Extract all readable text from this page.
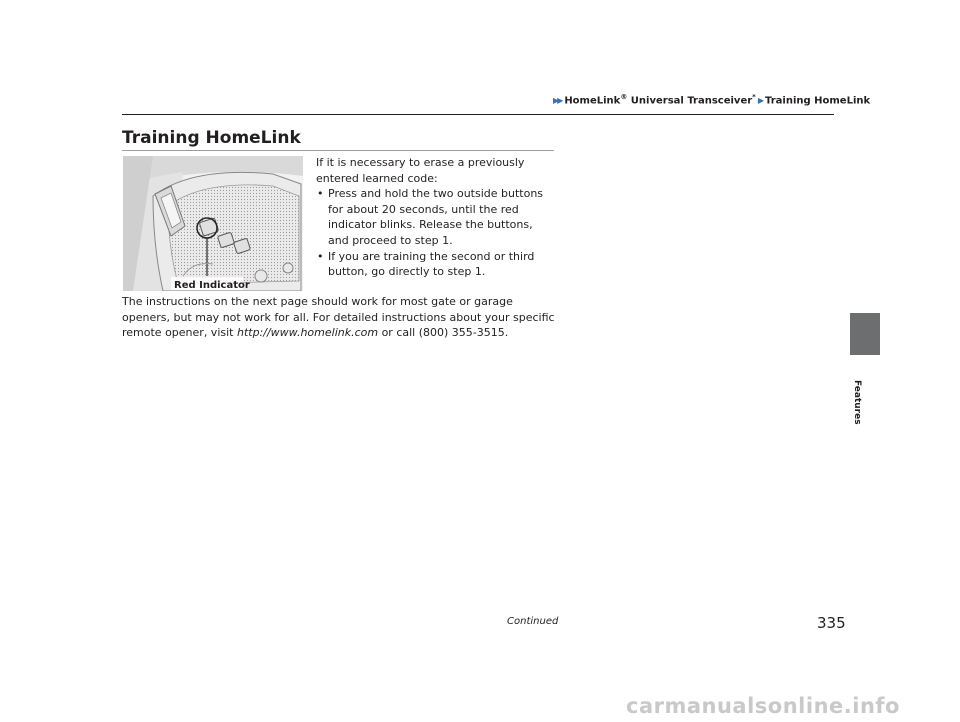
▶▶ HomeLink® Universal Transceiver* ▶ Training HomeLink
Training HomeLink
Red Indicator

If it is necessary to erase a previously entered learned code:

• Press and hold the two outside buttons for about 20 seconds, until the red indicator blinks. Release the buttons, and proceed to step 1.
• If you are training the second or third button, go directly to step 1.
The instructions on the next page should work for most gate or garage openers, but may not work for all. For detailed instructions about your specific remote opener, visit http://www.homelink.com or call (800) 355-3515.
Features
Continued	335
carmanualsonline.info
